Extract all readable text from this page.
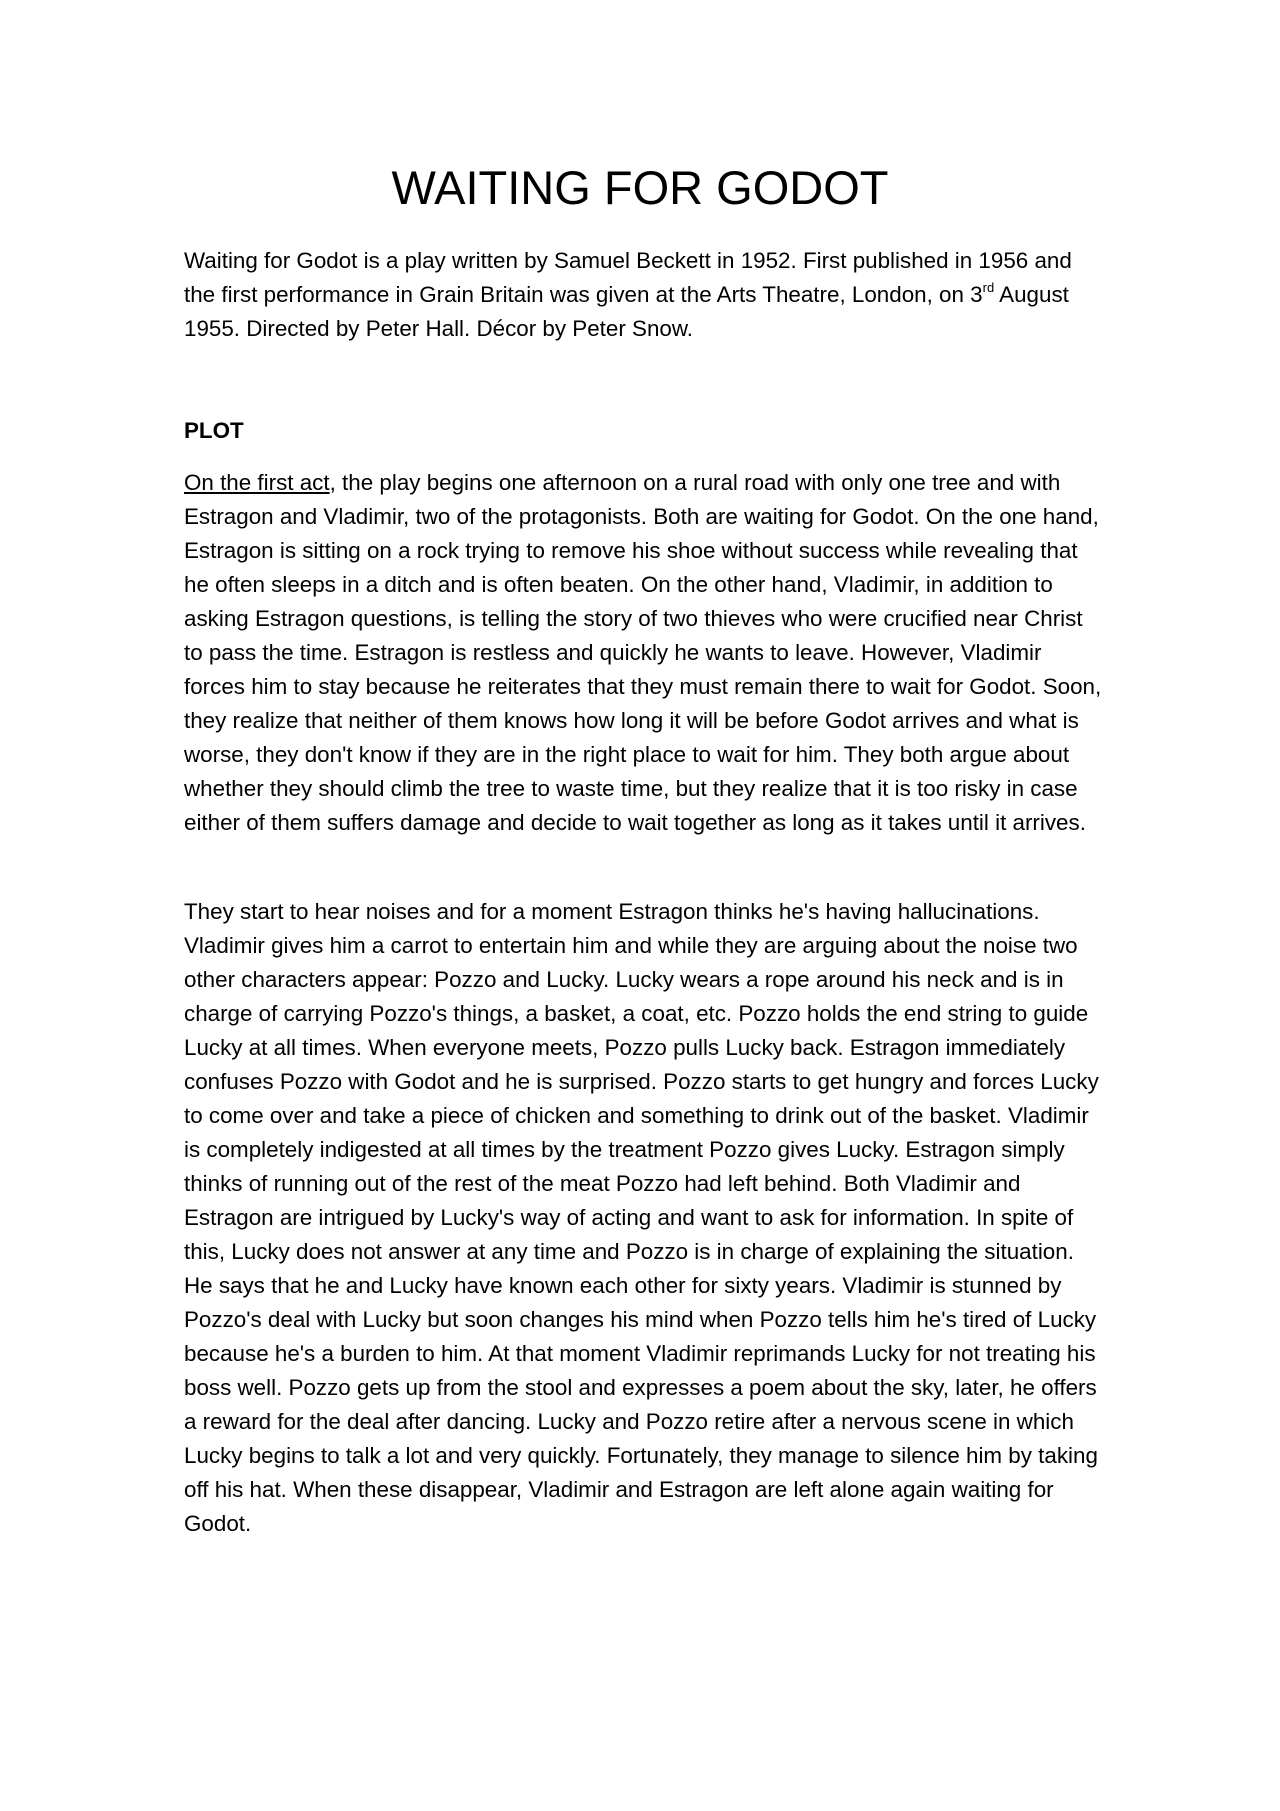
WAITING FOR GODOT

Waiting for Godot is a play written by Samuel Beckett in 1952. First published in 1956 and the first performance in Grain Britain was given at the Arts Theatre, London, on 3rd August 1955. Directed by Peter Hall. Décor by Peter Snow.

PLOT

On the first act, the play begins one afternoon on a rural road with only one tree and with Estragon and Vladimir, two of the protagonists. Both are waiting for Godot. On the one hand, Estragon is sitting on a rock trying to remove his shoe without success while revealing that he often sleeps in a ditch and is often beaten. On the other hand, Vladimir, in addition to asking Estragon questions, is telling the story of two thieves who were crucified near Christ to pass the time. Estragon is restless and quickly he wants to leave. However, Vladimir forces him to stay because he reiterates that they must remain there to wait for Godot. Soon, they realize that neither of them knows how long it will be before Godot arrives and what is worse, they don't know if they are in the right place to wait for him. They both argue about whether they should climb the tree to waste time, but they realize that it is too risky in case either of them suffers damage and decide to wait together as long as it takes until it arrives.

They start to hear noises and for a moment Estragon thinks he's having hallucinations. Vladimir gives him a carrot to entertain him and while they are arguing about the noise two other characters appear: Pozzo and Lucky. Lucky wears a rope around his neck and is in charge of carrying Pozzo's things, a basket, a coat, etc. Pozzo holds the end string to guide Lucky at all times. When everyone meets, Pozzo pulls Lucky back. Estragon immediately confuses Pozzo with Godot and he is surprised. Pozzo starts to get hungry and forces Lucky to come over and take a piece of chicken and something to drink out of the basket. Vladimir is completely indigested at all times by the treatment Pozzo gives Lucky. Estragon simply thinks of running out of the rest of the meat Pozzo had left behind. Both Vladimir and Estragon are intrigued by Lucky's way of acting and want to ask for information. In spite of this, Lucky does not answer at any time and Pozzo is in charge of explaining the situation. He says that he and Lucky have known each other for sixty years. Vladimir is stunned by Pozzo's deal with Lucky but soon changes his mind when Pozzo tells him he's tired of Lucky because he's a burden to him. At that moment Vladimir reprimands Lucky for not treating his boss well. Pozzo gets up from the stool and expresses a poem about the sky, later, he offers a reward for the deal after dancing. Lucky and Pozzo retire after a nervous scene in which Lucky begins to talk a lot and very quickly. Fortunately, they manage to silence him by taking off his hat. When these disappear, Vladimir and Estragon are left alone again waiting for Godot.
